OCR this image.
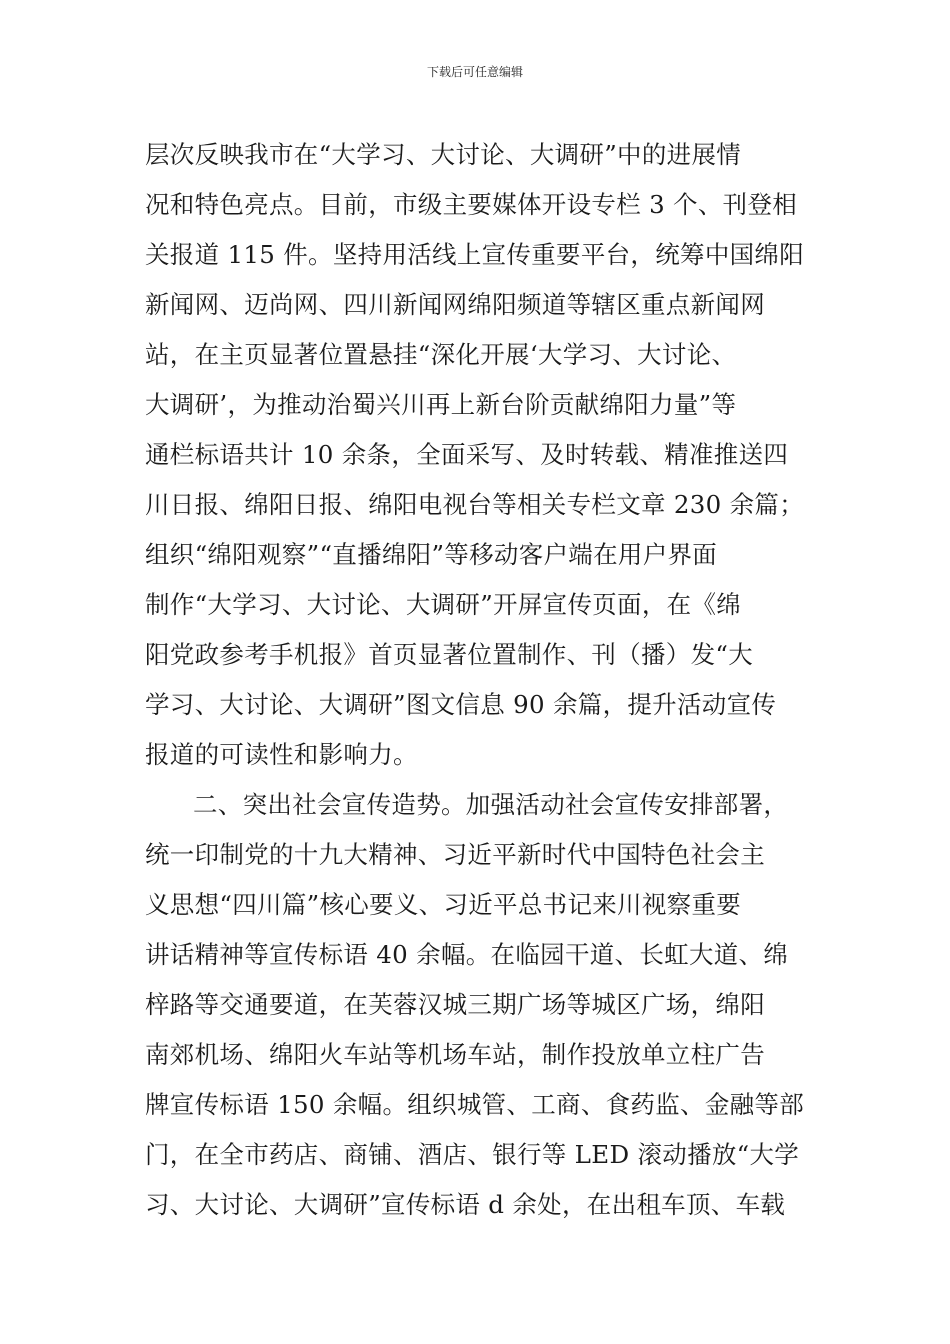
下载后可任意编辑
层次反映我市在“大学习、大讨论、大调研”中的进展情
况和特色亮点。目前，市级主要媒体开设专栏 3 个、刊登相
关报道 115 件。坚持用活线上宣传重要平台，统筹中国绵阳
新闻网、迈尚网、四川新闻网绵阳频道等辖区重点新闻网
站，在主页显著位置悬挂“深化开展‘大学习、大讨论、
大调研’，为推动治蜀兴川再上新台阶贡献绵阳力量”等
通栏标语共计 10 余条，全面采写、及时转载、精准推送四
川日报、绵阳日报、绵阳电视台等相关专栏文章 230 余篇；
组织“绵阳观察”“直播绵阳”等移动客户端在用户界面
制作“大学习、大讨论、大调研”开屏宣传页面，在《绵
阳党政参考手机报》首页显著位置制作、刊（播）发“大
学习、大讨论、大调研”图文信息 90 余篇，提升活动宣传
报道的可读性和影响力。
二、突出社会宣传造势。加强活动社会宣传安排部署，
统一印制党的十九大精神、习近平新时代中国特色社会主
义思想“四川篇”核心要义、习近平总书记来川视察重要
讲话精神等宣传标语 40 余幅。在临园干道、长虹大道、绵
梓路等交通要道，在芙蓉汉城三期广场等城区广场，绵阳
南郊机场、绵阳火车站等机场车站，制作投放单立柱广告
牌宣传标语 150 余幅。组织城管、工商、食药监、金融等部
门，在全市药店、商铺、酒店、银行等 LED 滚动播放“大学
习、大讨论、大调研”宣传标语 d 余处，在出租车顶、车载
